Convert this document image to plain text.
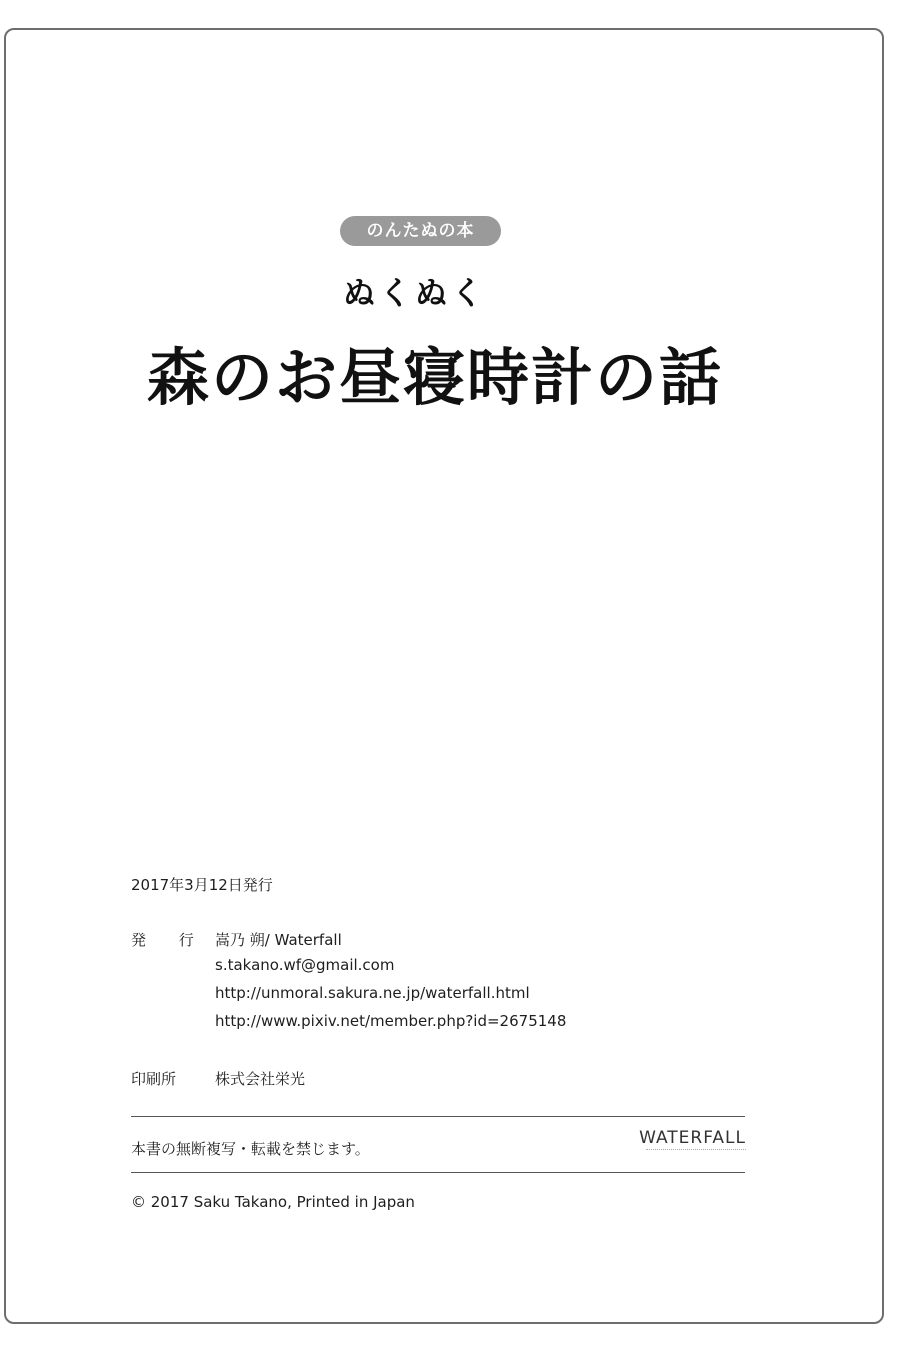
のんたぬの本
ぬくぬく
森のお昼寝時計の話
2017年3月12日発行
発 行 嵩乃 朔/ Waterfall
s.takano.wf@gmail.com
http://unmoral.sakura.ne.jp/waterfall.html
http://www.pixiv.net/member.php?id=2675148
印刷所	株式会社栄光
本書の無断複写・転載を禁じます。
WATERFALL
© 2017 Saku Takano, Printed in Japan
